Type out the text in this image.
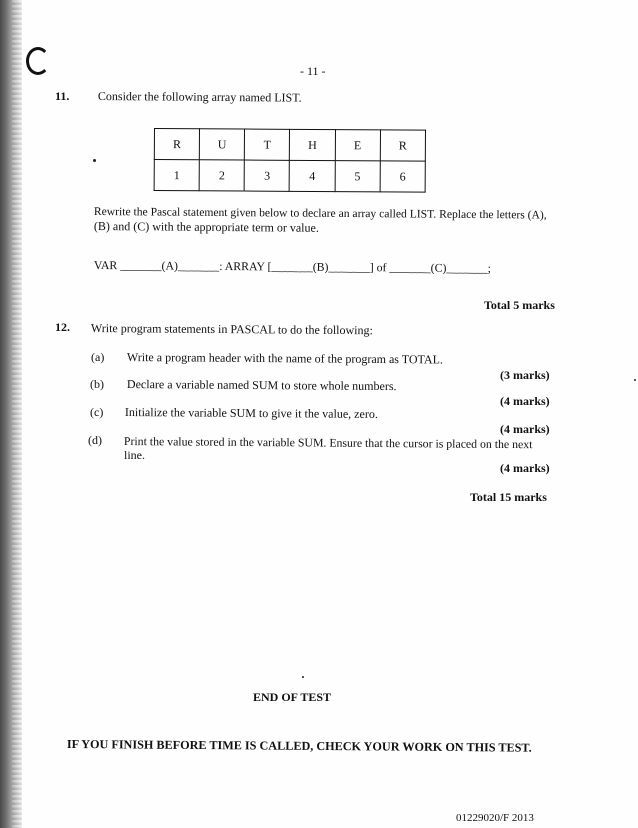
- 11 -
11. Consider the following array named LIST.
R	U	T	H	E	R
1	2	3	4	5	6
Rewrite the Pascal statement given below to declare an array called LIST. Replace the letters (A),
(B) and (C) with the appropriate term or value.
VAR _______(A)_______: ARRAY [_______(B)_______] of _______(C)_______;
Total 5 marks
12. Write program statements in PASCAL to do the following:
(a) Write a program header with the name of the program as TOTAL.
(3 marks)
(b) Declare a variable named SUM to store whole numbers.
(4 marks)
(c) Initialize the variable SUM to give it the value, zero.
(4 marks)
(d) Print the value stored in the variable SUM. Ensure that the cursor is placed on the next
line.
(4 marks)
Total 15 marks
END OF TEST
IF YOU FINISH BEFORE TIME IS CALLED, CHECK YOUR WORK ON THIS TEST.
01229020/F 2013
